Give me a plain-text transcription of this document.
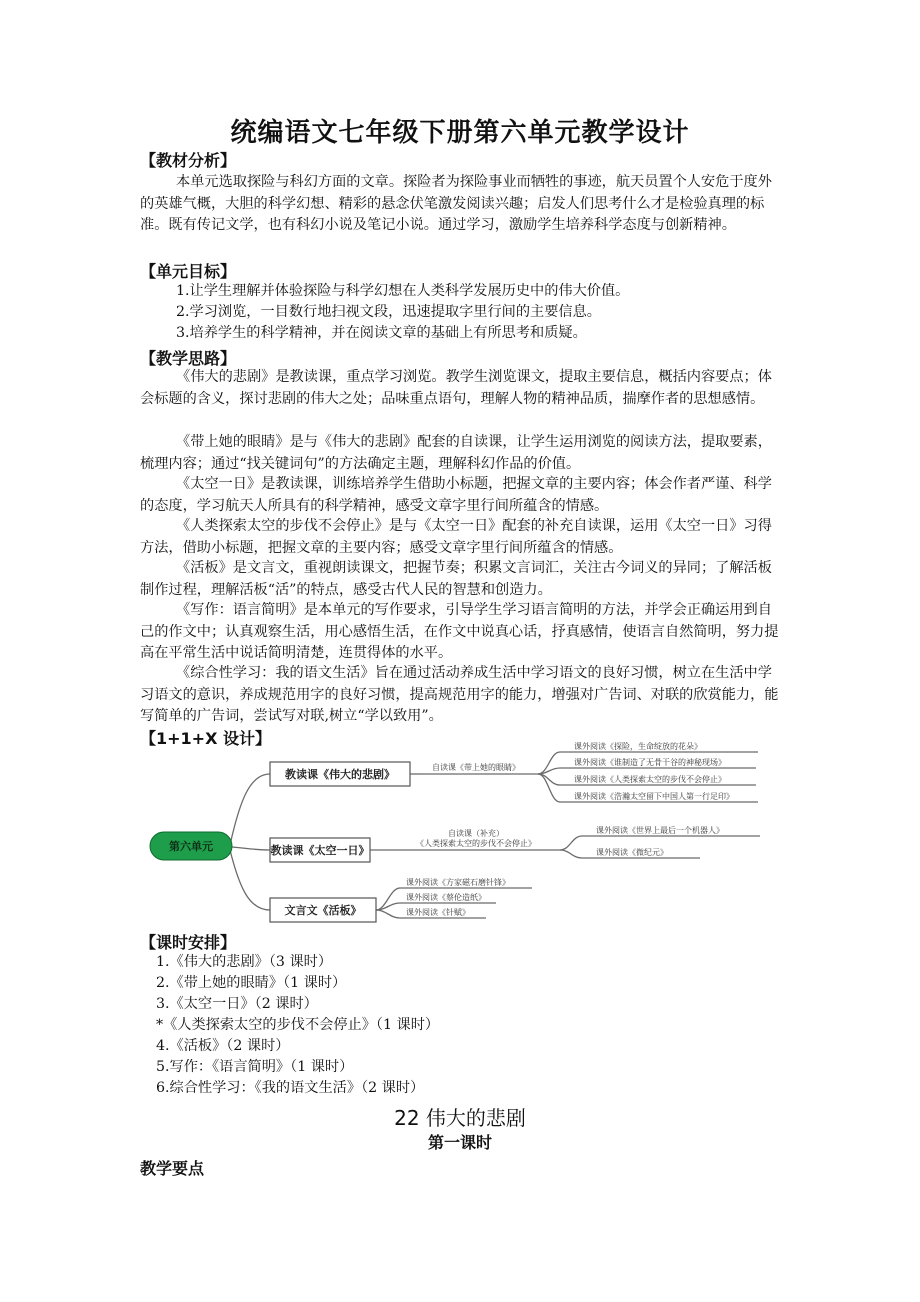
统编语文七年级下册第六单元教学设计
【教材分析】

本单元选取探险与科幻方面的文章。探险者为探险事业而牺牲的事迹，航天员置个人安危于度外的英雄气概，大胆的科学幻想、精彩的悬念伏笔激发阅读兴趣；启发人们思考什么才是检验真理的标准。既有传记文学，也有科幻小说及笔记小说。通过学习，激励学生培养科学态度与创新精神。

【单元目标】
1.让学生理解并体验探险与科学幻想在人类科学发展历史中的伟大价值。
2.学习浏览，一目数行地扫视文段，迅速提取字里行间的主要信息。
3.培养学生的科学精神，并在阅读文章的基础上有所思考和质疑。
【教学思路】

《伟大的悲剧》是教读课，重点学习浏览。教学生浏览课文，提取主要信息，概括内容要点；体会标题的含义，探讨悲剧的伟大之处；品味重点语句，理解人物的精神品质，揣摩作者的思想感情。

《带上她的眼睛》是与《伟大的悲剧》配套的自读课，让学生运用浏览的阅读方法，提取要素，梳理内容；通过“找关键词句”的方法确定主题，理解科幻作品的价值。

《太空一日》是教读课，训练培养学生借助小标题，把握文章的主要内容；体会作者严谨、科学的态度，学习航天人所具有的科学精神，感受文章字里行间所蕴含的情感。

《人类探索太空的步伐不会停止》是与《太空一日》配套的补充自读课，运用《太空一日》习得方法，借助小标题，把握文章的主要内容；感受文章字里行间所蕴含的情感。

《活板》是文言文，重视朗读课文，把握节奏；积累文言词汇，关注古今词义的异同；了解活板制作过程，理解活板“活”的特点，感受古代人民的智慧和创造力。

《写作：语言简明》是本单元的写作要求，引导学生学习语言简明的方法，并学会正确运用到自己的作文中；认真观察生活，用心感悟生活，在作文中说真心话，抒真感情，使语言自然简明，努力提高在平常生活中说话简明清楚，连贯得体的水平。

《综合性学习：我的语文生活》旨在通过活动养成生活中学习语文的良好习惯，树立在生活中学习语文的意识，养成规范用字的良好习惯，提高规范用字的能力，增强对广告词、对联的欣赏能力，能写简单的广告词，尝试写对联,树立“学以致用”。

【1+1+X 设计】
第六单元
教读课《伟大的悲剧》
自读课《带上她的眼睛》
课外阅读《探险，生命绽放的花朵》
课外阅读《谁制造了无骨干谷的神秘现场》
课外阅读《人类探索太空的步伐不会停止》
课外阅读《浩瀚太空留下中国人第一行足印》
教读课《太空一日》
自读课（补充）
《人类探索太空的步伐不会停止》
课外阅读《世界上最后一个机器人》
课外阅读《微纪元》
文言文《活板》
课外阅读《方家磁石磨针锋》
课外阅读《蔡伦造纸》
课外阅读《针赋》
【课时安排】
1.《伟大的悲剧》（3 课时）
2.《带上她的眼睛》（1 课时）
3.《太空一日》（2 课时）
*《人类探索太空的步伐不会停止》（1 课时）
4.《活板》（2 课时）
5.写作：《语言简明》（1 课时）
6.综合性学习：《我的语文生活》（2 课时）
22 伟大的悲剧
第一课时
教学要点
